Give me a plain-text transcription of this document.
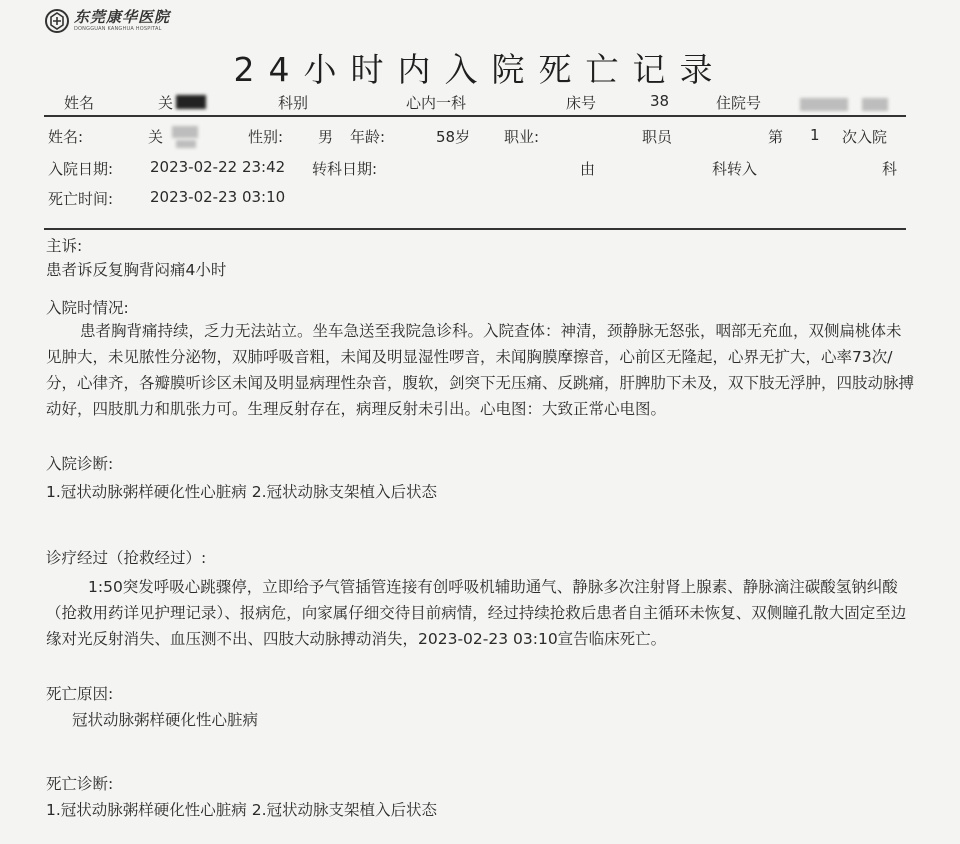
东莞康华医院
DONGGUAN KANGHUA HOSPITAL
24小时内入院死亡记录
姓名	关	科别	心内一科	床号	38	住院号
姓名:	关	性别: 男 年龄:	58岁 职业:	职员	第 1 次入院
入院日期: 2023-02-22 23:42 转科日期:	由	科转入	科
死亡时间: 2023-02-23 03:10
主诉:
患者诉反复胸背闷痛4小时
入院时情况:
患者胸背痛持续，乏力无法站立。坐车急送至我院急诊科。入院查体：神清，颈静脉无怒张，咽部无充血，双侧扁桃体未见肿大，未见脓性分泌物，双肺呼吸音粗，未闻及明显湿性啰音，未闻胸膜摩擦音，心前区无隆起，心界无扩大，心率73次/分，心律齐，各瓣膜听诊区未闻及明显病理性杂音，腹软，剑突下无压痛、反跳痛，肝脾肋下未及，双下肢无浮肿，四肢动脉搏动好，四肢肌力和肌张力可。生理反射存在，病理反射未引出。心电图：大致正常心电图。
入院诊断:
1.冠状动脉粥样硬化性心脏病 2.冠状动脉支架植入后状态
诊疗经过（抢救经过）:
1:50突发呼吸心跳骤停，立即给予气管插管连接有创呼吸机辅助通气、静脉多次注射肾上腺素、静脉滴注碳酸氢钠纠酸（抢救用药详见护理记录）、报病危，向家属仔细交待目前病情，经过持续抢救后患者自主循环未恢复、双侧瞳孔散大固定至边缘对光反射消失、血压测不出、四肢大动脉搏动消失，2023-02-23 03:10宣告临床死亡。
死亡原因:
冠状动脉粥样硬化性心脏病
死亡诊断:
1.冠状动脉粥样硬化性心脏病 2.冠状动脉支架植入后状态
